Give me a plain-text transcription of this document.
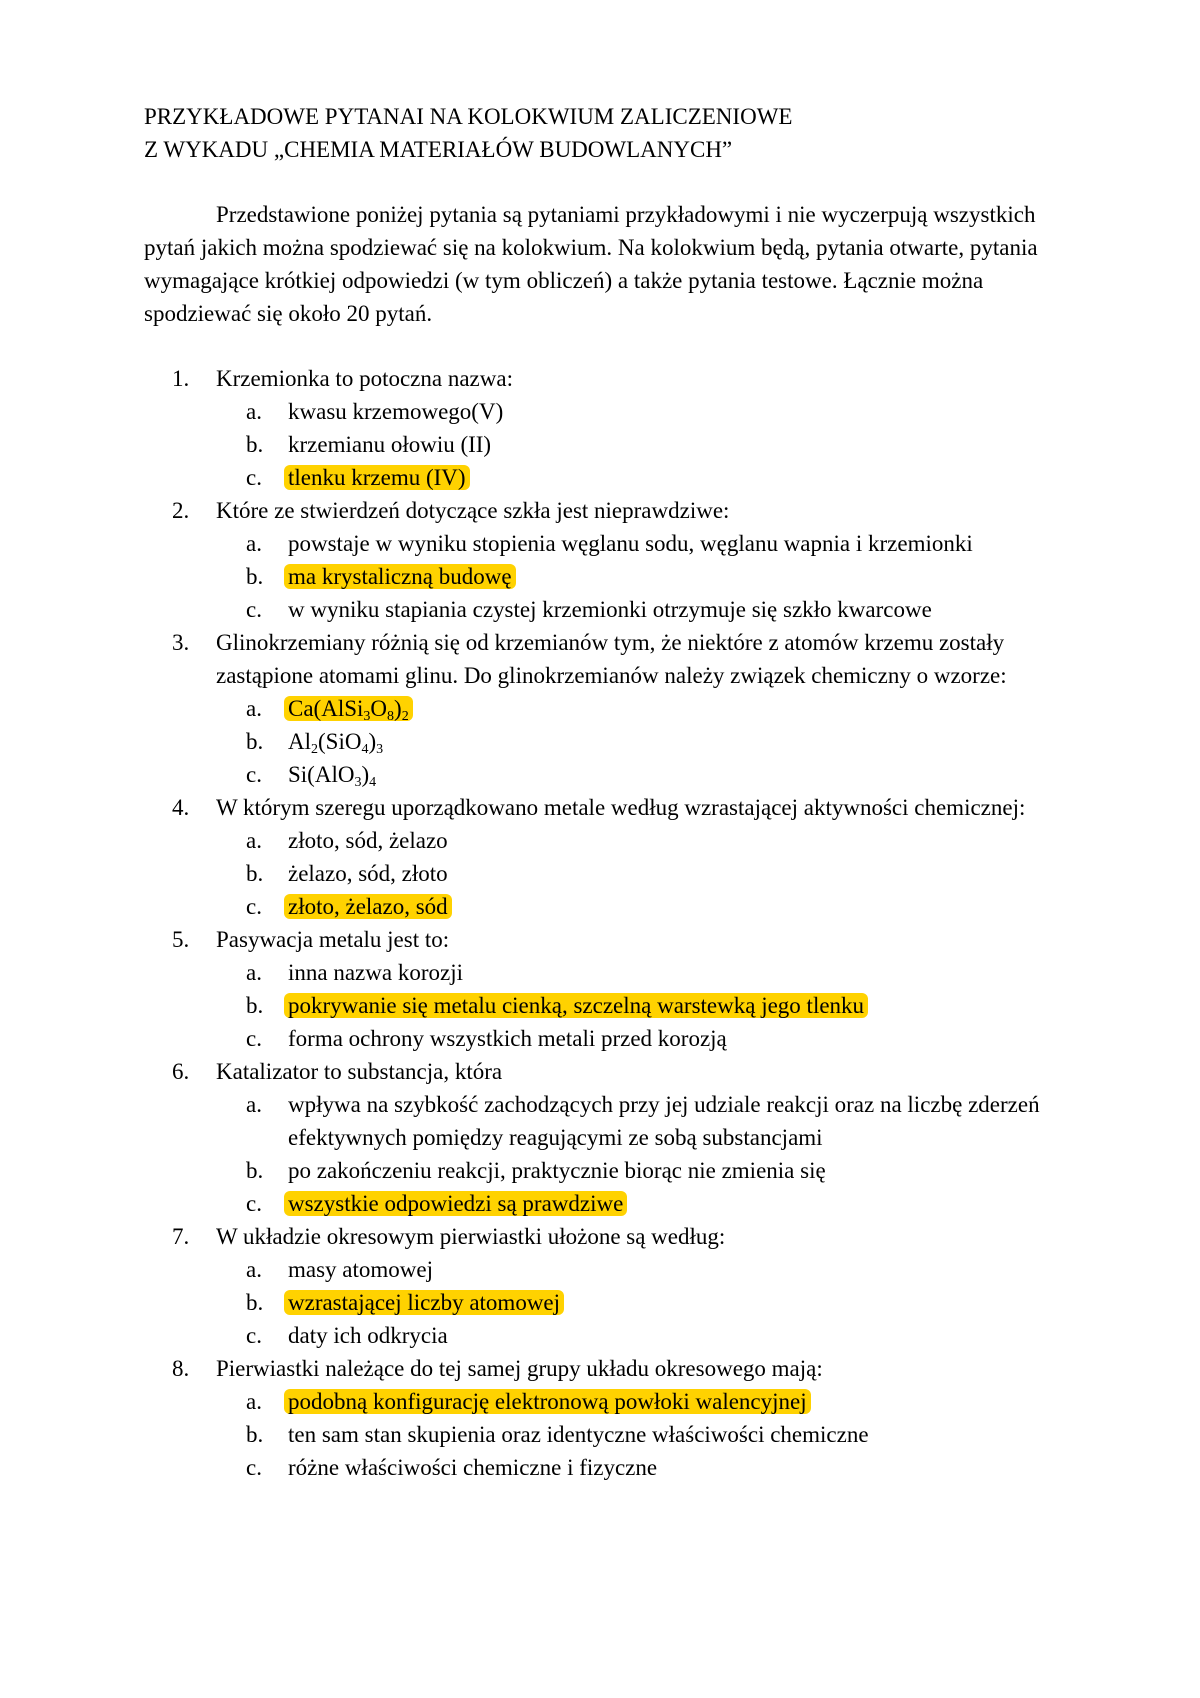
PRZYKŁADOWE PYTANAI NA KOLOKWIUM ZALICZENIOWE
Z WYKADU „CHEMIA MATERIAŁÓW BUDOWLANYCH”

Przedstawione poniżej pytania są pytaniami przykładowymi i nie wyczerpują wszystkich pytań jakich można spodziewać się na kolokwium. Na kolokwium będą, pytania otwarte, pytania wymagające krótkiej odpowiedzi (w tym obliczeń) a także pytania testowe. Łącznie można spodziewać się około 20 pytań.

1. Krzemionka to potoczna nazwa:
a. kwasu krzemowego(V)
b. krzemianu ołowiu (II)
c. tlenku krzemu (IV)
2. Które ze stwierdzeń dotyczące szkła jest nieprawdziwe:
a. powstaje w wyniku stopienia węglanu sodu, węglanu wapnia i krzemionki
b. ma krystaliczną budowę
c. w wyniku stapiania czystej krzemionki otrzymuje się szkło kwarcowe
3. Glinokrzemiany różnią się od krzemianów tym, że niektóre z atomów krzemu zostały zastąpione atomami glinu. Do glinokrzemianów należy związek chemiczny o wzorze:
a. $Ca(AlSi_3O_8)_2$
b. $Al_2(SiO_4)_3$
c. $Si(AlO_3)_4$
4. W którym szeregu uporządkowano metale według wzrastającej aktywności chemicznej:
a. złoto, sód, żelazo
b. żelazo, sód, złoto
c. złoto, żelazo, sód
5. Pasywacja metalu jest to:
a. inna nazwa korozji
b. pokrywanie się metalu cienką, szczelną warstewką jego tlenku
c. forma ochrony wszystkich metali przed korozją
6. Katalizator to substancja, która
a. wpływa na szybkość zachodzących przy jej udziale reakcji oraz na liczbę zderzeń efektywnych pomiędzy reagującymi ze sobą substancjami
b. po zakończeniu reakcji, praktycznie biorąc nie zmienia się
c. wszystkie odpowiedzi są prawdziwe
7. W układzie okresowym pierwiastki ułożone są według:
a. masy atomowej
b. wzrastającej liczby atomowej
c. daty ich odkrycia
8. Pierwiastki należące do tej samej grupy układu okresowego mają:
a. podobną konfigurację elektronową powłoki walencyjnej
b. ten sam stan skupienia oraz identyczne właściwości chemiczne
c. różne właściwości chemiczne i fizyczne
